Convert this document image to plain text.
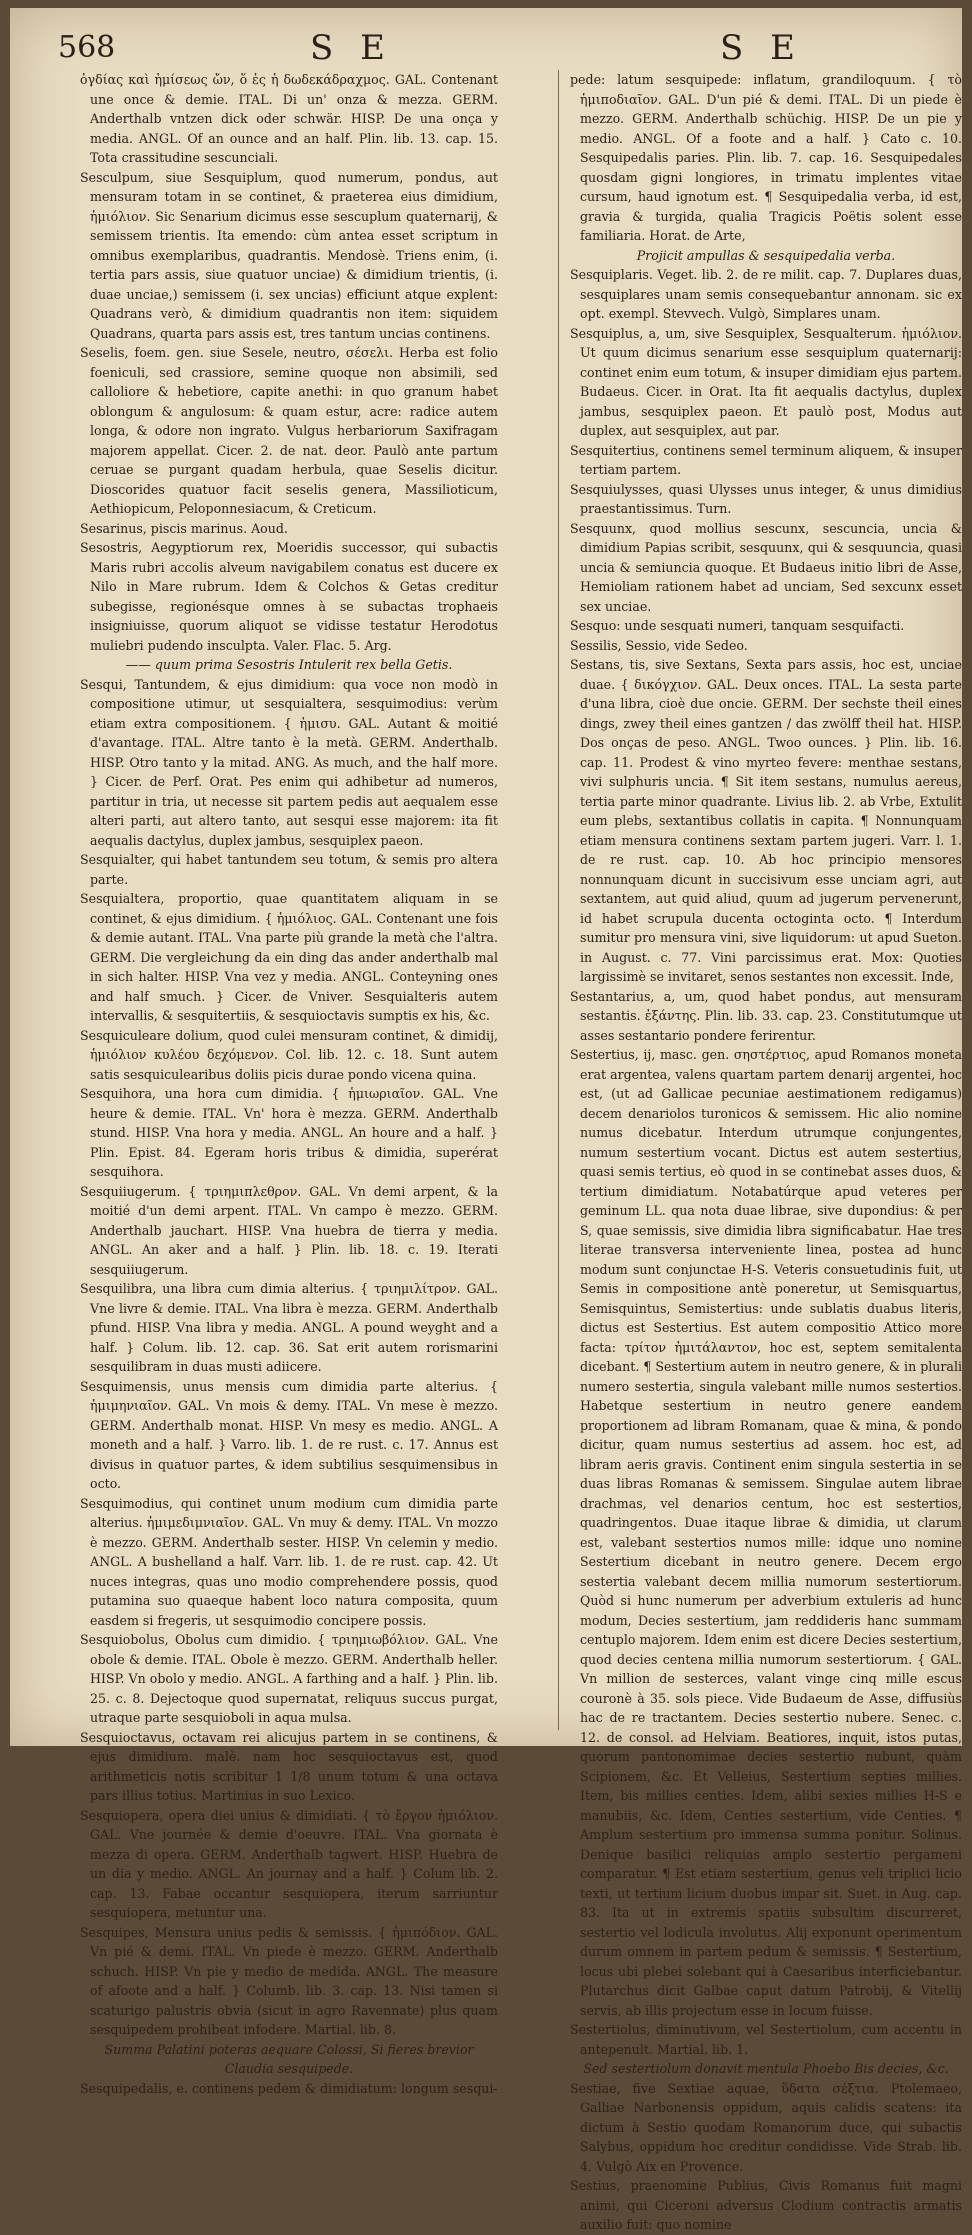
568	S E	S E

ὀγδίας καὶ ἡμίσεως ὤν, ὅ ἐς ἡ δωδεκάδραχμος. GAL. Contenant une once & demie. ITAL. Di un' onza & mezza. GERM. Anderthalb vntzen dick oder schwär. HISP. De una onça y media. ANGL. Of an ounce and an half. Plin. lib. 13. cap. 15. Tota crassitudine sescunciali.

Sesculpum, siue Sesquiplum, quod numerum, pondus, aut mensuram totam in se continet, & praeterea eius dimidium, ἡμιόλιον. Sic Senarium dicimus esse sescuplum quaternarij, & semissem trientis. Ita emendo: cùm antea esset scriptum in omnibus exemplaribus, quadrantis. Mendosè. Triens enim, (i. tertia pars assis, siue quatuor unciae) & dimidium trientis, (i. duae unciae,) semissem (i. sex uncias) efficiunt atque explent: Quadrans verò, & dimidium quadrantis non item: siquidem Quadrans, quarta pars assis est, tres tantum uncias continens.

Seselis, foem. gen. siue Sesele, neutro, σέσελι. Herba est folio foeniculi, sed crassiore, semine quoque non absimili, sed calloliore & hebetiore, capite anethi: in quo granum habet oblongum & angulosum: & quam estur, acre: radice autem longa, & odore non ingrato. Vulgus herbariorum Saxifragam majorem appellat. Cicer. 2. de nat. deor. Paulò ante partum ceruae se purgant quadam herbula, quae Seselis dicitur. Dioscorides quatuor facit seselis genera, Massilioticum, Aethiopicum, Peloponnesiacum, & Creticum.

Sesarinus, piscis marinus. Aoud.

Sesostris, Aegyptiorum rex, Moeridis successor, qui subactis Maris rubri accolis alveum navigabilem conatus est ducere ex Nilo in Mare rubrum. Idem & Colchos & Getas creditur subegisse, regionésque omnes à se subactas trophaeis insigniuisse, quorum aliquot se vidisse testatur Herodotus muliebri pudendo insculpta. Valer. Flac. 5. Arg.

—— quum prima Sesostris Intulerit rex bella Getis.

Sesqui, Tantundem, & ejus dimidium: qua voce non modò in compositione utimur, ut sesquialtera, sesquimodius: verùm etiam extra compositionem. { ἡμισυ. GAL. Autant & moitié d'avantage. ITAL. Altre tanto è la metà. GERM. Anderthalb. HISP. Otro tanto y la mitad. ANG. As much, and the half more. } Cicer. de Perf. Orat. Pes enim qui adhibetur ad numeros, partitur in tria, ut necesse sit partem pedis aut aequalem esse alteri parti, aut altero tanto, aut sesqui esse majorem: ita fit aequalis dactylus, duplex jambus, sesquiplex paeon.

Sesquialter, qui habet tantundem seu totum, & semis pro altera parte.

Sesquialtera, proportio, quae quantitatem aliquam in se continet, & ejus dimidium. { ἡμιόλιος. GAL. Contenant une fois & demie autant. ITAL. Vna parte più grande la metà che l'altra. GERM. Die vergleichung da ein ding das ander anderthalb mal in sich halter. HISP. Vna vez y media. ANGL. Conteyning ones and half smuch. } Cicer. de Vniver. Sesquialteris autem intervallis, & sesquitertiis, & sesquioctavis sumptis ex his, &c.

Sesquiculeare dolium, quod culei mensuram continet, & dimidij, ἡμιόλιον κυλέου δεχόμενον. Col. lib. 12. c. 18. Sunt autem satis sesquiculearibus doliis picis durae pondo vicena quina.

Sesquihora, una hora cum dimidia. { ἡμιωριαῖον. GAL. Vne heure & demie. ITAL. Vn' hora è mezza. GERM. Anderthalb stund. HISP. Vna hora y media. ANGL. An houre and a half. } Plin. Epist. 84. Egeram horis tribus & dimidia, superérat sesquihora.

Sesquiiugerum. { τριημιπλεθρον. GAL. Vn demi arpent, & la moitié d'un demi arpent. ITAL. Vn campo è mezzo. GERM. Anderthalb jauchart. HISP. Vna huebra de tierra y media. ANGL. An aker and a half. } Plin. lib. 18. c. 19. Iterati sesquiiugerum.

Sesquilibra, una libra cum dimia alterius. { τριημιλίτρον. GAL. Vne livre & demie. ITAL. Vna libra è mezza. GERM. Anderthalb pfund. HISP. Vna libra y media. ANGL. A pound weyght and a half. } Colum. lib. 12. cap. 36. Sat erit autem rorismarini sesquilibram in duas musti adiicere.

Sesquimensis, unus mensis cum dimidia parte alterius. { ἡμιμηνιαῖον. GAL. Vn mois & demy. ITAL. Vn mese è mezzo. GERM. Anderthalb monat. HISP. Vn mesy es medio. ANGL. A moneth and a half. } Varro. lib. 1. de re rust. c. 17. Annus est divisus in quatuor partes, & idem subtilius sesquimensibus in octo.

Sesquimodius, qui continet unum modium cum dimidia parte alterius. ἡμιμεδιμνιαῖον. GAL. Vn muy & demy. ITAL. Vn mozzo è mezzo. GERM. Anderthalb sester. HISP. Vn celemin y medio. ANGL. A bushelland a half. Varr. lib. 1. de re rust. cap. 42. Ut nuces integras, quas uno modio comprehendere possis, quod putamina suo quaeque habent loco natura composita, quum easdem si fregeris, ut sesquimodio concipere possis.

Sesquiobolus, Obolus cum dimidio. { τριημιωβόλιον. GAL. Vne obole & demie. ITAL. Obole è mezzo. GERM. Anderthalb heller. HISP. Vn obolo y medio. ANGL. A farthing and a half. } Plin. lib. 25. c. 8. Dejectoque quod supernatat, reliquus succus purgat, utraque parte sesquioboli in aqua mulsa.

Sesquioctavus, octavam rei alicujus partem in se continens, & ejus dimidium. malè. nam hoc sesquioctavus est, quod arithmeticis notis scribitur 1 1/8 unum totum & una octava pars illius totius. Martinius in suo Lexico.

Sesquiopera, opera diei unius & dimidiati. { τὸ ἔργον ἡμιόλιον. GAL. Vne journée & demie d'oeuvre. ITAL. Vna giornata è mezza di opera. GERM. Anderthalb tagwert. HISP. Huebra de un dia y medio. ANGL. An journay and a half. } Colum lib. 2. cap. 13. Fabae occantur sesquiopera, iterum sarriuntur sesquiopera, metuntur una.

Sesquipes, Mensura unius pedis & semissis. { ἡμιπόδιον. GAL. Vn pié & demi. ITAL. Vn piede è mezzo. GERM. Anderthalb schuch. HISP. Vn pie y medio de medida. ANGL. The measure of afoote and a half. } Columb. lib. 3. cap. 13. Nisi tamen si scaturigo palustris obvia (sicut in agro Ravennate) plus quam sesquipedem prohibeat infodere. Martial. lib. 8.

Summa Palatini poteras aequare Colossi, Si fieres brevior Claudia sesquipede.

Sesquipedalis, e. continens pedem & dimidiatum: longum sesqui-

pede: latum sesquipede: inflatum, grandiloquum. { τὸ ἡμιποδιαῖον. GAL. D'un pié & demi. ITAL. Di un piede è mezzo. GERM. Anderthalb schüchig. HISP. De un pie y medio. ANGL. Of a foote and a half. } Cato c. 10. Sesquipedalis paries. Plin. lib. 7. cap. 16. Sesquipedales quosdam gigni longiores, in trimatu implentes vitae cursum, haud ignotum est. ¶ Sesquipedalia verba, id est, gravia & turgida, qualia Tragicis Poëtis solent esse familiaria. Horat. de Arte,

Projicit ampullas & sesquipedalia verba.

Sesquiplaris. Veget. lib. 2. de re milit. cap. 7. Duplares duas, sesquiplares unam semis consequebantur annonam. sic ex opt. exempl. Stevvech. Vulgò, Simplares unam.

Sesquiplus, a, um, sive Sesquiplex, Sesqualterum. ἡμιόλιον. Ut quum dicimus senarium esse sesquiplum quaternarij: continet enim eum totum, & insuper dimidiam ejus partem. Budaeus. Cicer. in Orat. Ita fit aequalis dactylus, duplex jambus, sesquiplex paeon. Et paulò post, Modus aut duplex, aut sesquiplex, aut par.

Sesquitertius, continens semel terminum aliquem, & insuper tertiam partem.

Sesquiulysses, quasi Ulysses unus integer, & unus dimidius praestantissimus. Turn.

Sesquunx, quod mollius sescunx, sescuncia, uncia & dimidium Papias scribit, sesquunx, qui & sesquuncia, quasi uncia & semiuncia quoque. Et Budaeus initio libri de Asse, Hemioliam rationem habet ad unciam, Sed sexcunx esset sex unciae.

Sesquo: unde sesquati numeri, tanquam sesquifacti.

Sessilis, Sessio, vide Sedeo.

Sestans, tis, sive Sextans, Sexta pars assis, hoc est, unciae duae. { δικόγχιον. GAL. Deux onces. ITAL. La sesta parte d'una libra, cioè due oncie. GERM. Der sechste theil eines dings, zwey theil eines gantzen / das zwölff theil hat. HISP. Dos onças de peso. ANGL. Twoo ounces. } Plin. lib. 16. cap. 11. Prodest & vino myrteo fevere: menthae sestans, vivi sulphuris uncia. ¶ Sit item sestans, numulus aereus, tertia parte minor quadrante. Livius lib. 2. ab Vrbe, Extulit eum plebs, sextantibus collatis in capita. ¶ Nonnunquam etiam mensura continens sextam partem jugeri. Varr. l. 1. de re rust. cap. 10. Ab hoc principio mensores nonnunquam dicunt in succisivum esse unciam agri, aut sextantem, aut quid aliud, quum ad jugerum pervenerunt, id habet scrupula ducenta octoginta octo. ¶ Interdum sumitur pro mensura vini, sive liquidorum: ut apud Sueton. in August. c. 77. Vini parcissimus erat. Mox: Quoties largissimè se invitaret, senos sestantes non excessit. Inde,

Sestantarius, a, um, quod habet pondus, aut mensuram sestantis. ἐξάντης. Plin. lib. 33. cap. 23. Constitutumque ut asses sestantario pondere ferirentur.

Sestertius, ij, masc. gen. σηστέρτιος, apud Romanos moneta erat argentea, valens quartam partem denarij argentei, hoc est, (ut ad Gallicae pecuniae aestimationem redigamus) decem denariolos turonicos & semissem. Hic alio nomine numus dicebatur. Interdum utrumque conjungentes, numum sestertium vocant. Dictus est autem sestertius, quasi semis tertius, eò quod in se continebat asses duos, & tertium dimidiatum. Notabatúrque apud veteres per geminum LL. qua nota duae librae, sive dupondius: & per S, quae semissis, sive dimidia libra significabatur. Hae tres literae transversa interveniente linea, postea ad hunc modum sunt conjunctae H-S. Veteris consuetudinis fuit, ut Semis in compositione antè poneretur, ut Semisquartus, Semisquintus, Semistertius: unde sublatis duabus literis, dictus est Sestertius. Est autem compositio Attico more facta: τρίτον ἡμιτάλαντον, hoc est, septem semitalenta dicebant. ¶ Sestertium autem in neutro genere, & in plurali numero sestertia, singula valebant mille numos sestertios. Habetque sestertium in neutro genere eandem proportionem ad libram Romanam, quae & mina, & pondo dicitur, quam numus sestertius ad assem. hoc est, ad libram aeris gravis. Continent enim singula sestertia in se duas libras Romanas & semissem. Singulae autem librae drachmas, vel denarios centum, hoc est sestertios, quadringentos. Duae itaque librae & dimidia, ut clarum est, valebant sestertios numos mille: idque uno nomine Sestertium dicebant in neutro genere. Decem ergo sestertia valebant decem millia numorum sestertiorum. Quòd si hunc numerum per adverbium extuleris ad hunc modum, Decies sestertium, jam reddideris hanc summam centuplo majorem. Idem enim est dicere Decies sestertium, quod decies centena millia numorum sestertiorum. { GAL. Vn million de sesterces, valant vinge cinq mille escus couronè à 35. sols piece. Vide Budaeum de Asse, diffusiùs hac de re tractantem. Decies sestertio nubere. Senec. c. 12. de consol. ad Helviam. Beatiores, inquit, istos putas, quorum pantonomimae decies sestertio nubunt, quàm Scipionem, &c. Et Velleius, Sestertium septies millies. Item, bis millies centies. Idem, alibi sexies millies H-S e manubiis, &c. Idem, Centies sestertium, vide Centies. ¶ Amplum sestertium pro immensa summa ponitur. Solinus. Denique basilici reliquias amplo sestertio pergameni comparatur. ¶ Est etiam sestertium, genus veli triplici licio texti, ut tertium licium duobus impar sit. Suet. in Aug. cap. 83. Ita ut in extremis spatiis subsultim discurreret, sestertio vel lodicula involutus. Alij exponunt operimentum durum omnem in partem pedum & semissis. ¶ Sestertium, locus ubi plebei solebant qui à Caesaribus interficiebantur. Plutarchus dicit Galbae caput datum Patrobij, & Vitellij servis, ab illis projectum esse in locum fuisse.

Sestertiolus, diminutivum, vel Sestertiolum, cum accentu in antepenult. Martial. lib. 1.

Sed sestertiolum donavit mentula Phoebo Bis decies, &c.

Sestiae, five Sextiae aquae, ὕδατα σέξτια. Ptolemaeo, Galliae Narbonensis oppidum, aquis calidis scatens: ita dictum à Sestio quodam Romanorum duce, qui subactis Salybus, oppidum hoc creditur condidisse. Vide Strab. lib. 4. Vulgò Aix en Provence.

Sestius, praenomine Publius, Civis Romanus fuit magni animi, qui Ciceroni adversus Clodium contractis armatis auxilio fuit: quo nomine
